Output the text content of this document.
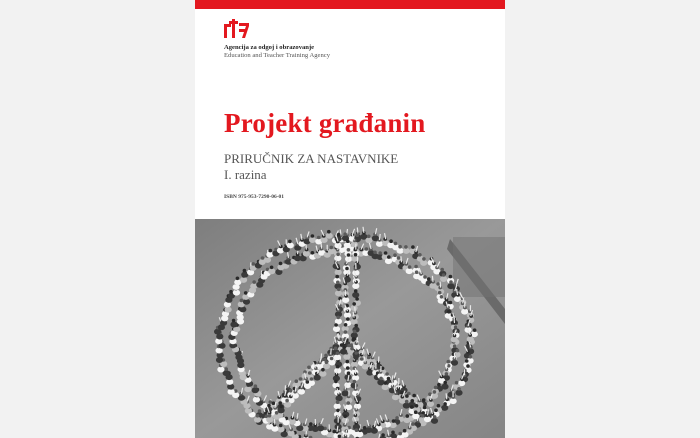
Agencija za odgoj i obrazovanje
Education and Teacher Training Agency
Projekt građanin
PRIRUČNIK ZA NASTAVNIKE
I. razina
ISBN 975-953-7290-06-01
